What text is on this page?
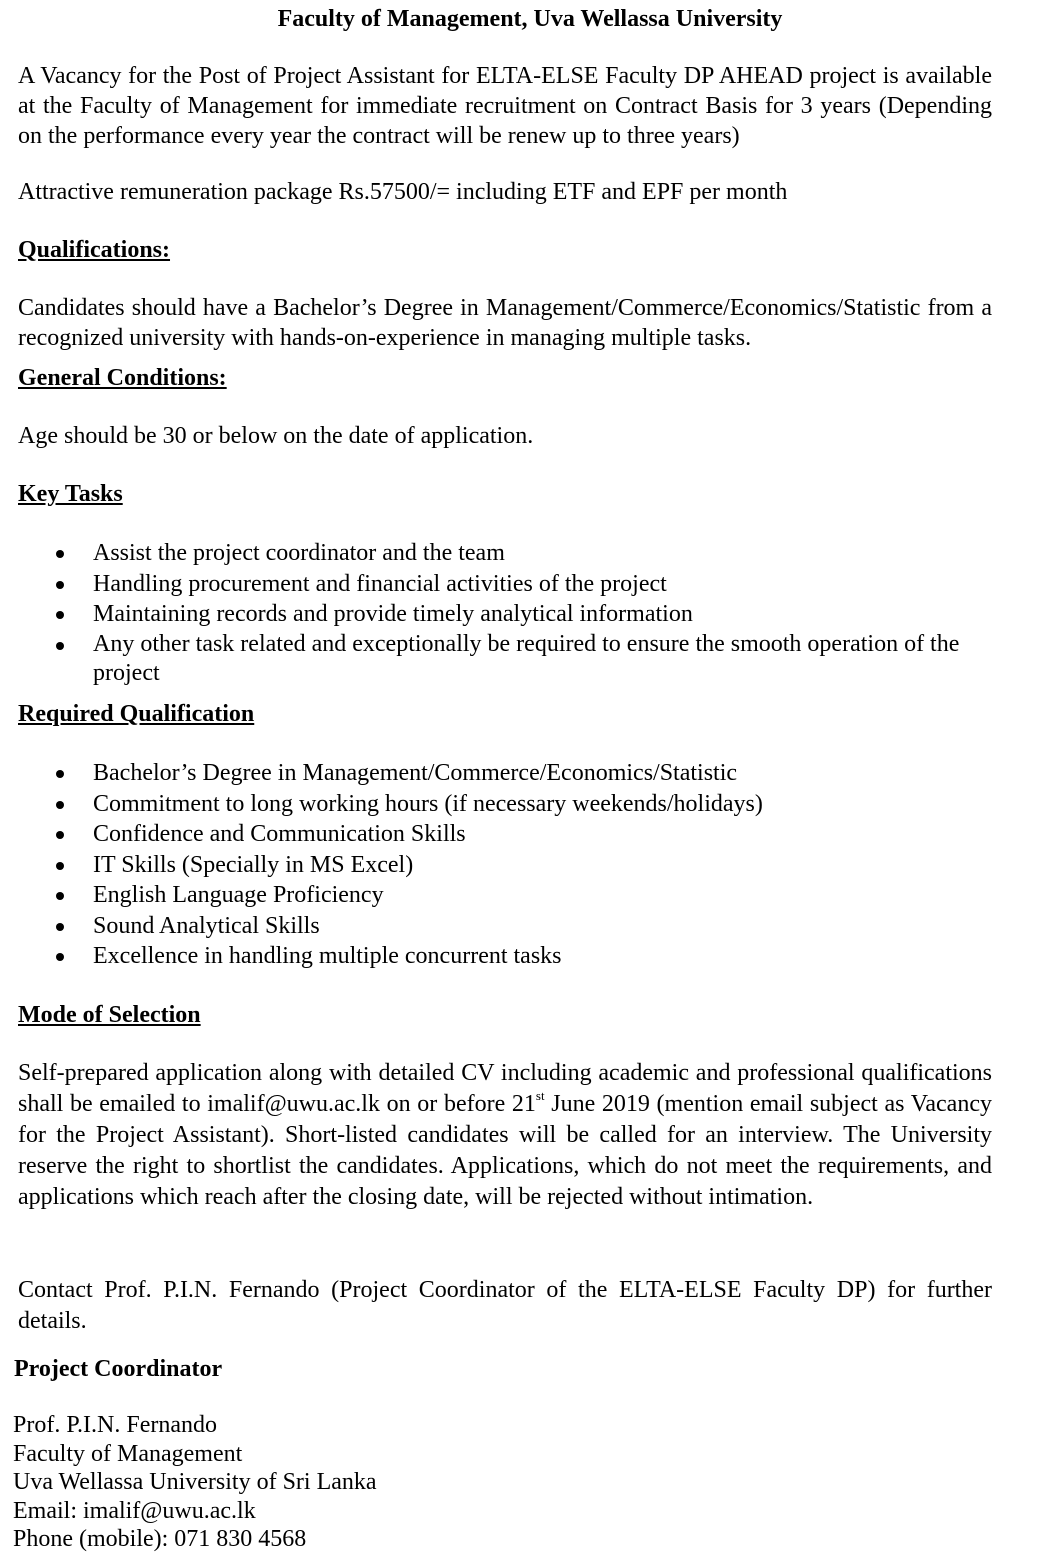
Faculty of Management, Uva Wellassa University

A Vacancy for the Post of Project Assistant for ELTA-ELSE Faculty DP AHEAD project is available at the Faculty of Management for immediate recruitment on Contract Basis for 3 years (Depending on the performance every year the contract will be renew up to three years)

Attractive remuneration package Rs.57500/= including ETF and EPF per month

Qualifications:

Candidates should have a Bachelor’s Degree in Management/Commerce/Economics/Statistic from a recognized university with hands-on-experience in managing multiple tasks.

General Conditions:

Age should be 30 or below on the date of application.

Key Tasks
Assist the project coordinator and the team
Handling procurement and financial activities of the project
Maintaining records and provide timely analytical information
Any other task related and exceptionally be required to ensure the smooth operation of the project
Required Qualification
Bachelor’s Degree in Management/Commerce/Economics/Statistic
Commitment to long working hours (if necessary weekends/holidays)
Confidence and Communication Skills
IT Skills (Specially in MS Excel)
English Language Proficiency
Sound Analytical Skills
Excellence in handling multiple concurrent tasks
Mode of Selection

Self-prepared application along with detailed CV including academic and professional qualifications shall be emailed to imalif@uwu.ac.lk on or before 21st June 2019 (mention email subject as Vacancy for the Project Assistant). Short-listed candidates will be called for an interview. The University reserve the right to shortlist the candidates. Applications, which do not meet the requirements, and applications which reach after the closing date, will be rejected without intimation.

Contact Prof. P.I.N. Fernando (Project Coordinator of the ELTA-ELSE Faculty DP) for further details.

Project Coordinator
Prof. P.I.N. Fernando
Faculty of Management
Uva Wellassa University of Sri Lanka
Email: imalif@uwu.ac.lk
Phone (mobile): 071 830 4568
